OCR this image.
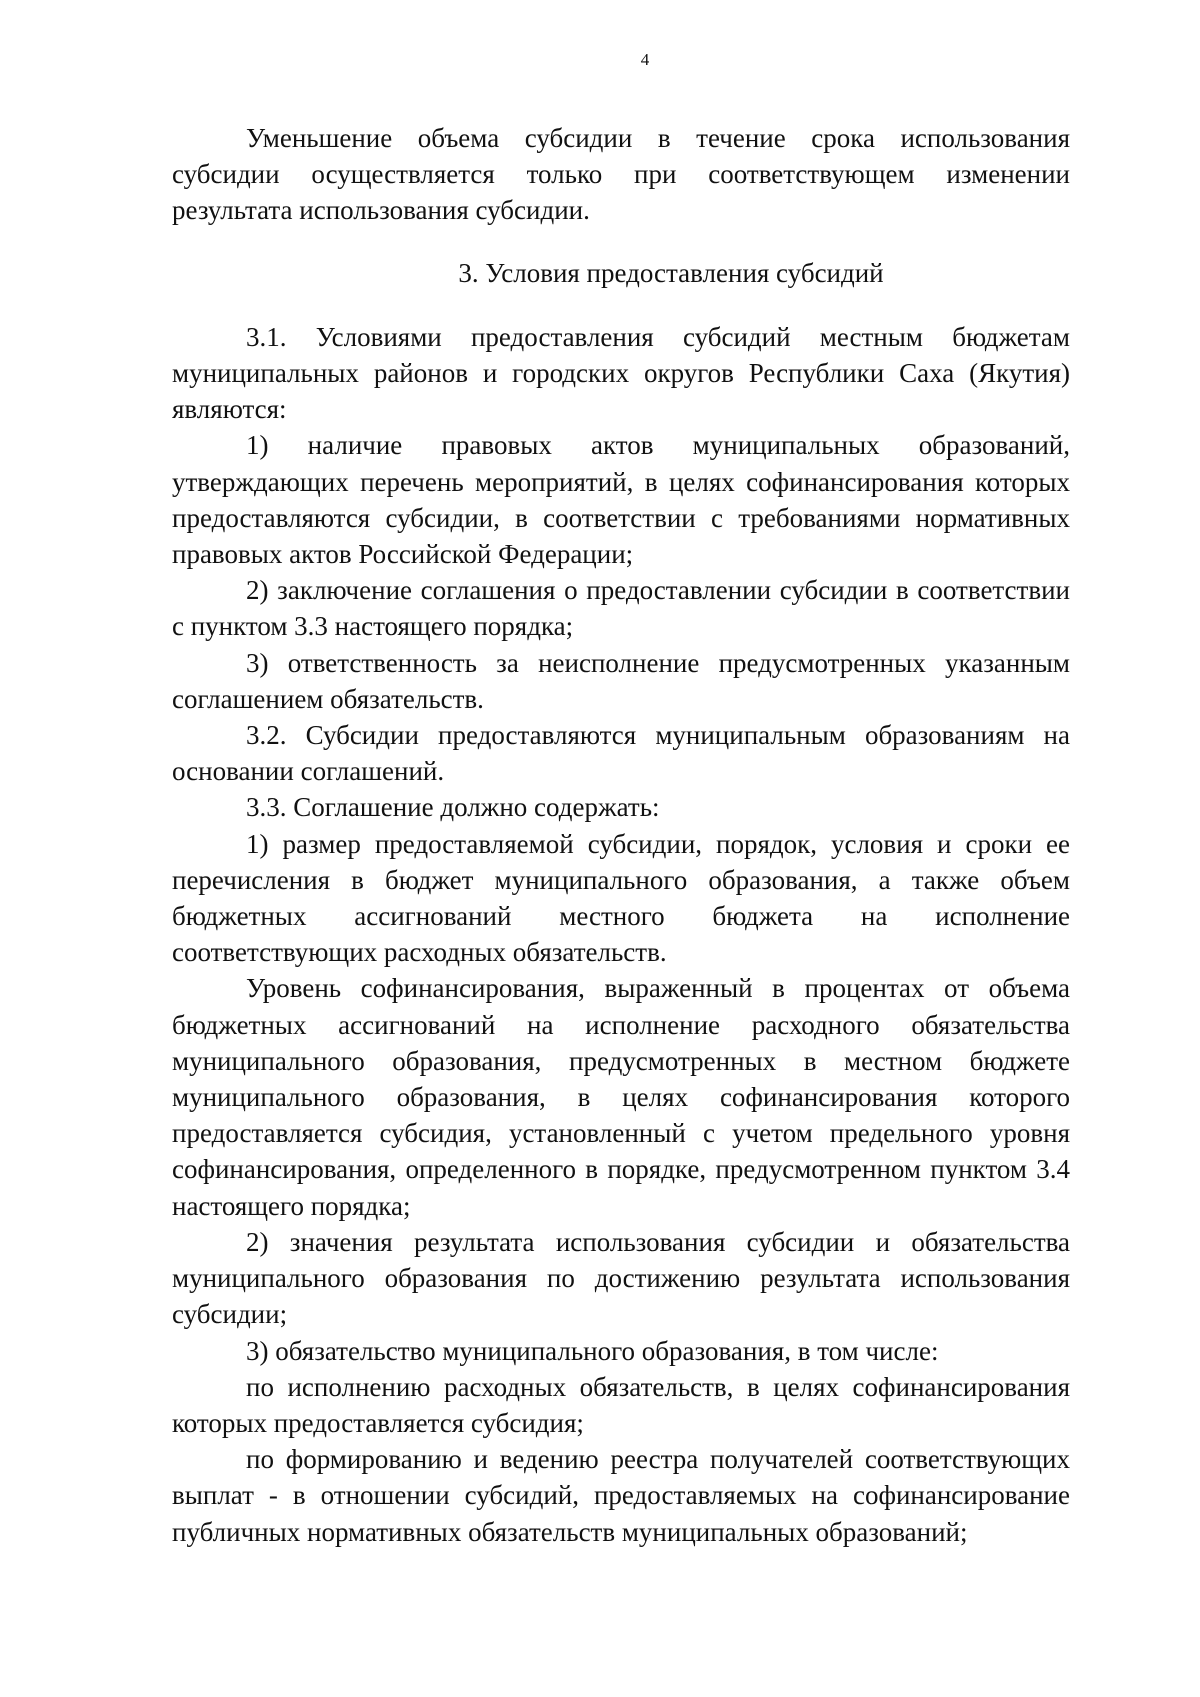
4

Уменьшение объема субсидии в течение срока использования субсидии осуществляется только при соответствующем изменении результата использования субсидии.

3. Условия предоставления субсидий

3.1. Условиями предоставления субсидий местным бюджетам муниципальных районов и городских округов Республики Саха (Якутия) являются:

1) наличие правовых актов муниципальных образований, утверждающих перечень мероприятий, в целях софинансирования которых предоставляются субсидии, в соответствии с требованиями нормативных правовых актов Российской Федерации;

2) заключение соглашения о предоставлении субсидии в соответствии с пунктом 3.3 настоящего порядка;

3) ответственность за неисполнение предусмотренных указанным соглашением обязательств.

3.2. Субсидии предоставляются муниципальным образованиям на основании соглашений.

3.3. Соглашение должно содержать:

1) размер предоставляемой субсидии, порядок, условия и сроки ее перечисления в бюджет муниципального образования, а также объем бюджетных ассигнований местного бюджета на исполнение соответствующих расходных обязательств.

Уровень софинансирования, выраженный в процентах от объема бюджетных ассигнований на исполнение расходного обязательства муниципального образования, предусмотренных в местном бюджете муниципального образования, в целях софинансирования которого предоставляется субсидия, установленный с учетом предельного уровня софинансирования, определенного в порядке, предусмотренном пунктом 3.4 настоящего порядка;

2) значения результата использования субсидии и обязательства муниципального образования по достижению результата использования субсидии;

3) обязательство муниципального образования, в том числе:

по исполнению расходных обязательств, в целях софинансирования которых предоставляется субсидия;

по формированию и ведению реестра получателей соответствующих выплат - в отношении субсидий, предоставляемых на софинансирование публичных нормативных обязательств муниципальных образований;
